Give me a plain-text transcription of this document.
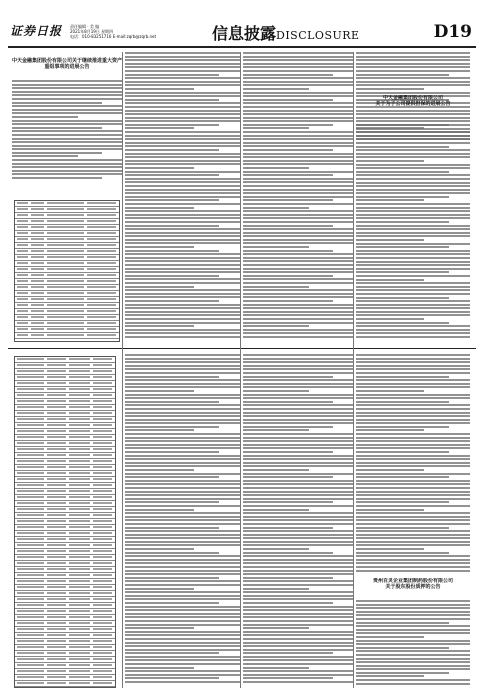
证券日报 责任编辑 · 美 编
2021年8月19日 星期四
电话：010-83251716 E-mail:zqrb@zqrb.net	信息披露DISCLOSURE	D19

中天金融集团股份有限公司关于继续推进重大资产重组事项的进展公告
中天金融集团股份有限公司
关于为子公司提供担保的进展公告
贵州百灵企业集团制药股份有限公司
关于股东股份质押的公告
